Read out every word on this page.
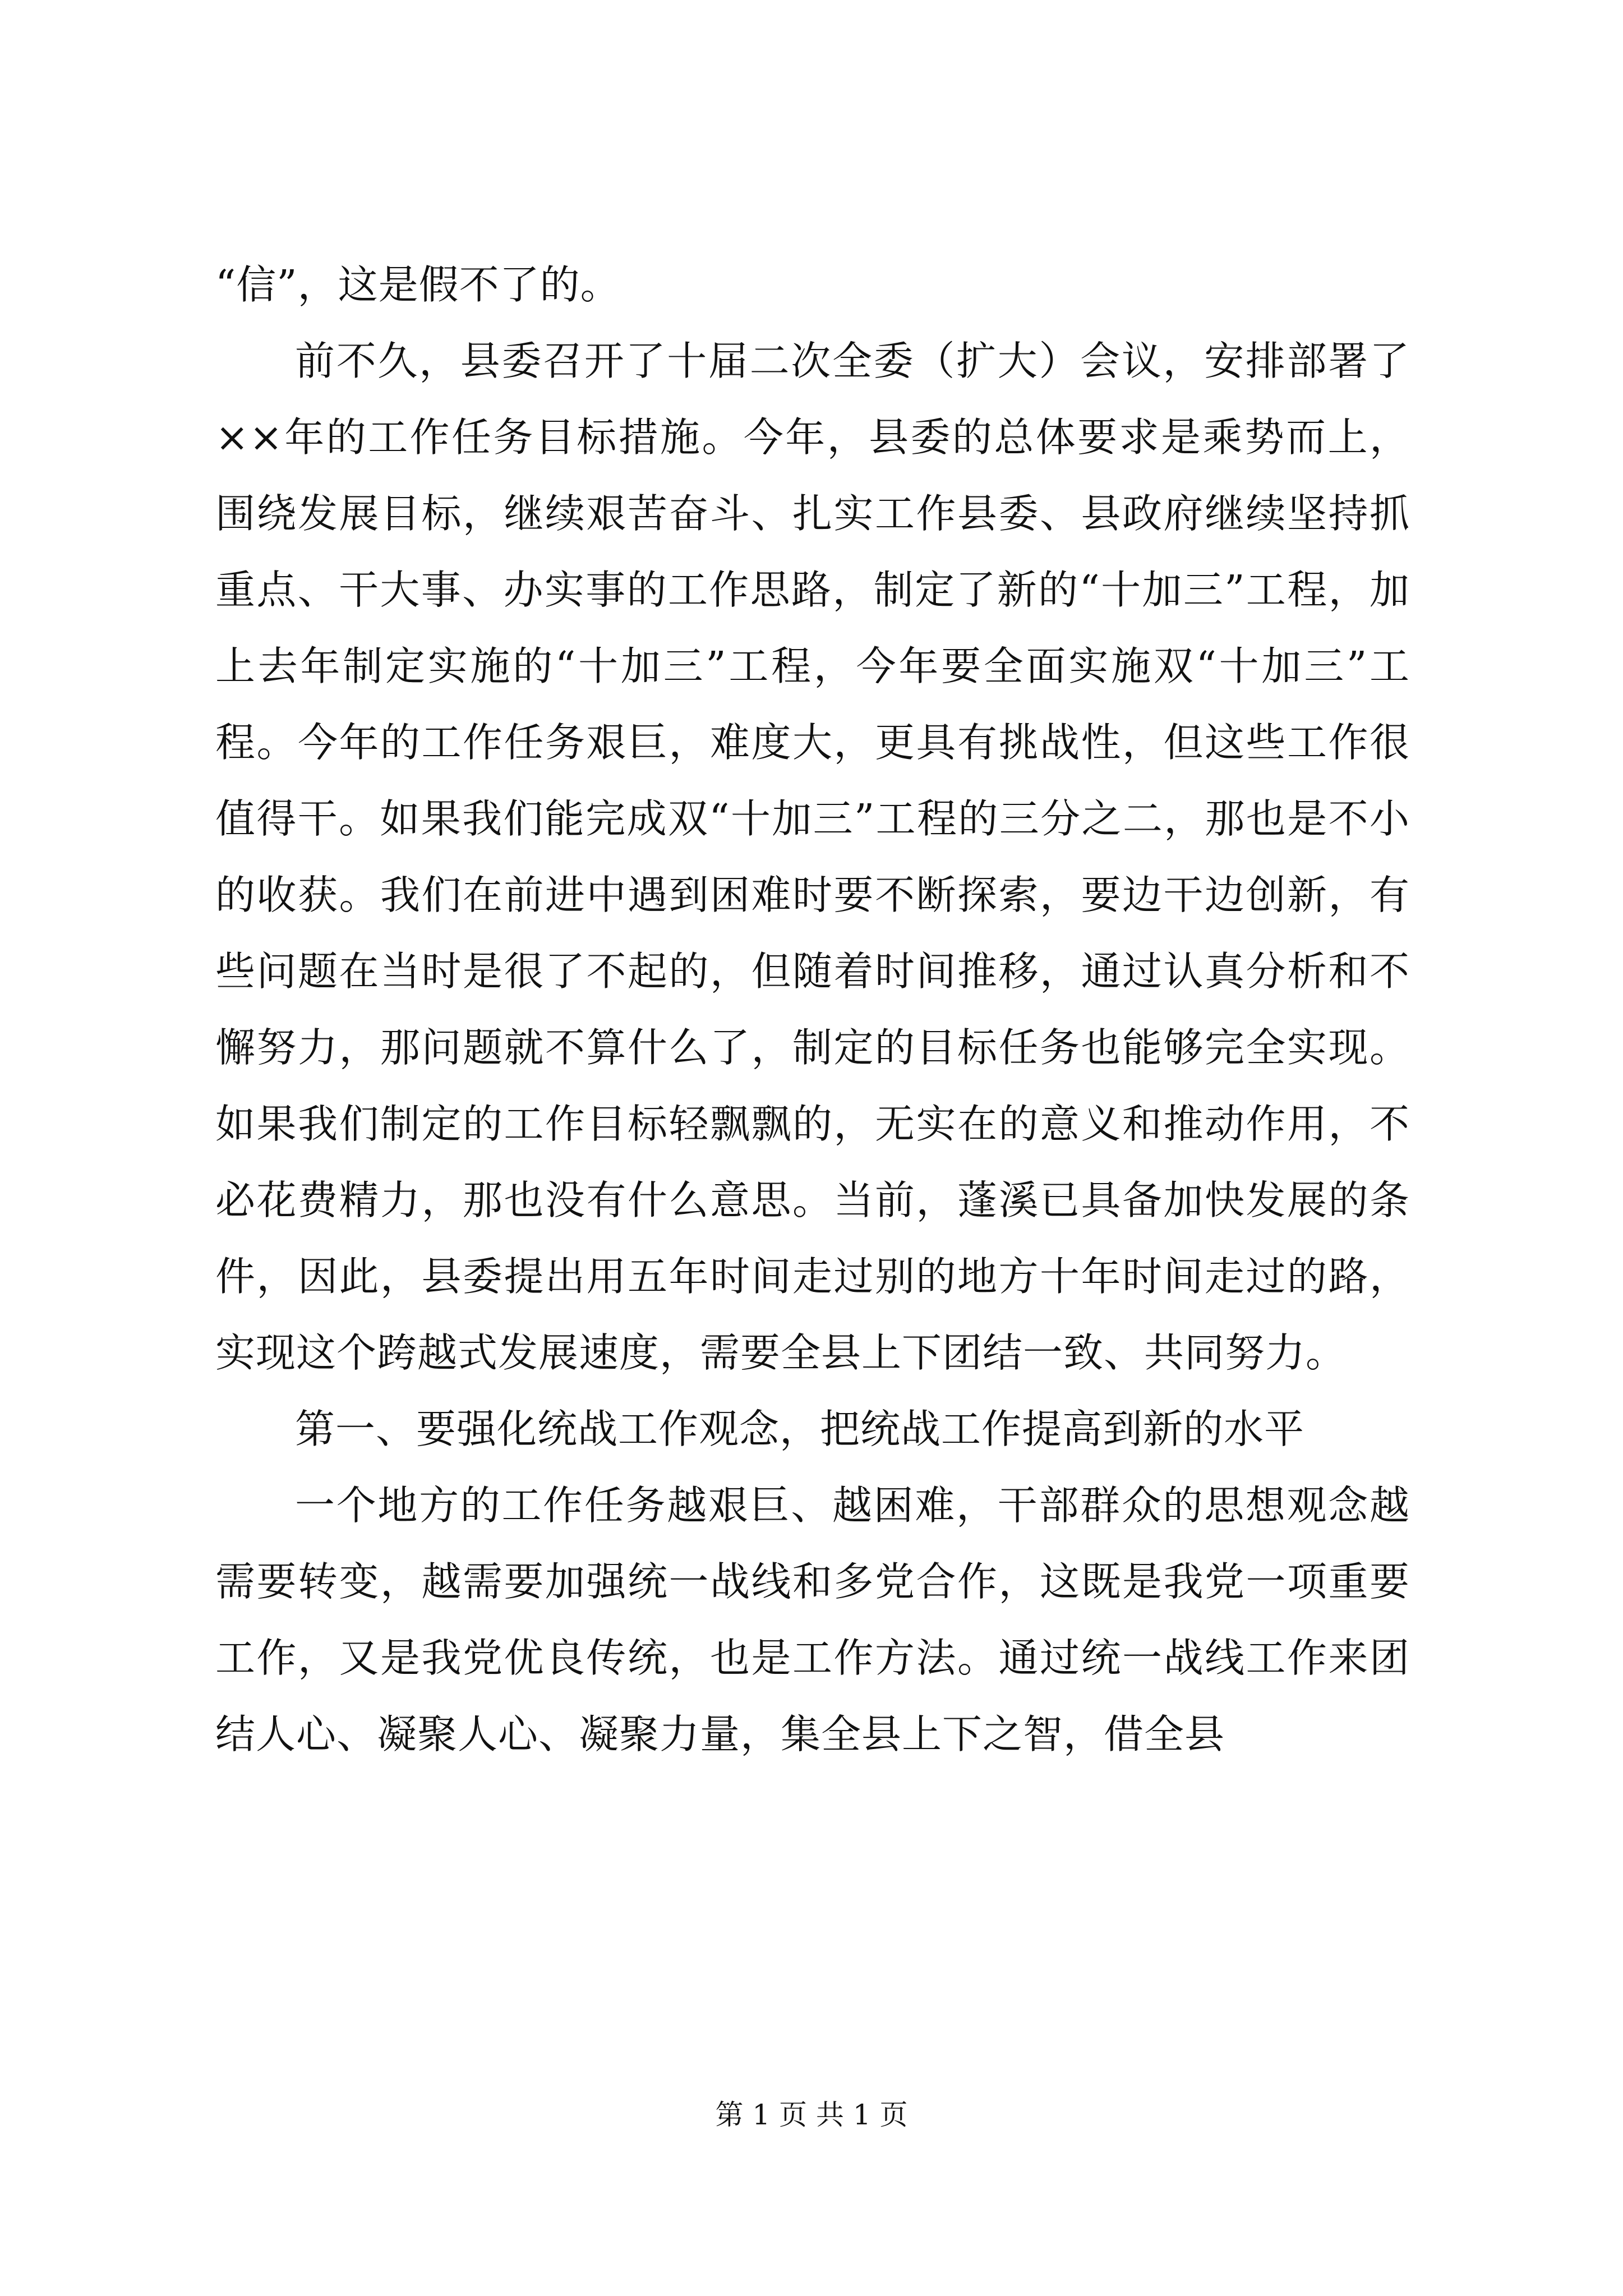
“信”，这是假不了的。

前不久，县委召开了十届二次全委（扩大）会议，安排部署了××年的工作任务目标措施。今年，县委的总体要求是乘势而上，围绕发展目标，继续艰苦奋斗、扎实工作县委、县政府继续坚持抓重点、干大事、办实事的工作思路，制定了新的“十加三”工程，加上去年制定实施的“十加三”工程，今年要全面实施双“十加三”工程。今年的工作任务艰巨，难度大，更具有挑战性，但这些工作很值得干。如果我们能完成双“十加三”工程的三分之二，那也是不小的收获。我们在前进中遇到困难时要不断探索，要边干边创新，有些问题在当时是很了不起的，但随着时间推移，通过认真分析和不懈努力，那问题就不算什么了，制定的目标任务也能够完全实现。如果我们制定的工作目标轻飘飘的，无实在的意义和推动作用，不必花费精力，那也没有什么意思。当前，蓬溪已具备加快发展的条件，因此，县委提出用五年时间走过别的地方十年时间走过的路，实现这个跨越式发展速度，需要全县上下团结一致、共同努力。

第一、要强化统战工作观念，把统战工作提高到新的水平

一个地方的工作任务越艰巨、越困难，干部群众的思想观念越需要转变，越需要加强统一战线和多党合作，这既是我党一项重要工作，又是我党优良传统，也是工作方法。通过统一战线工作来团结人心、凝聚人心、凝聚力量，集全县上下之智，借全县

第 1 页 共 1 页
